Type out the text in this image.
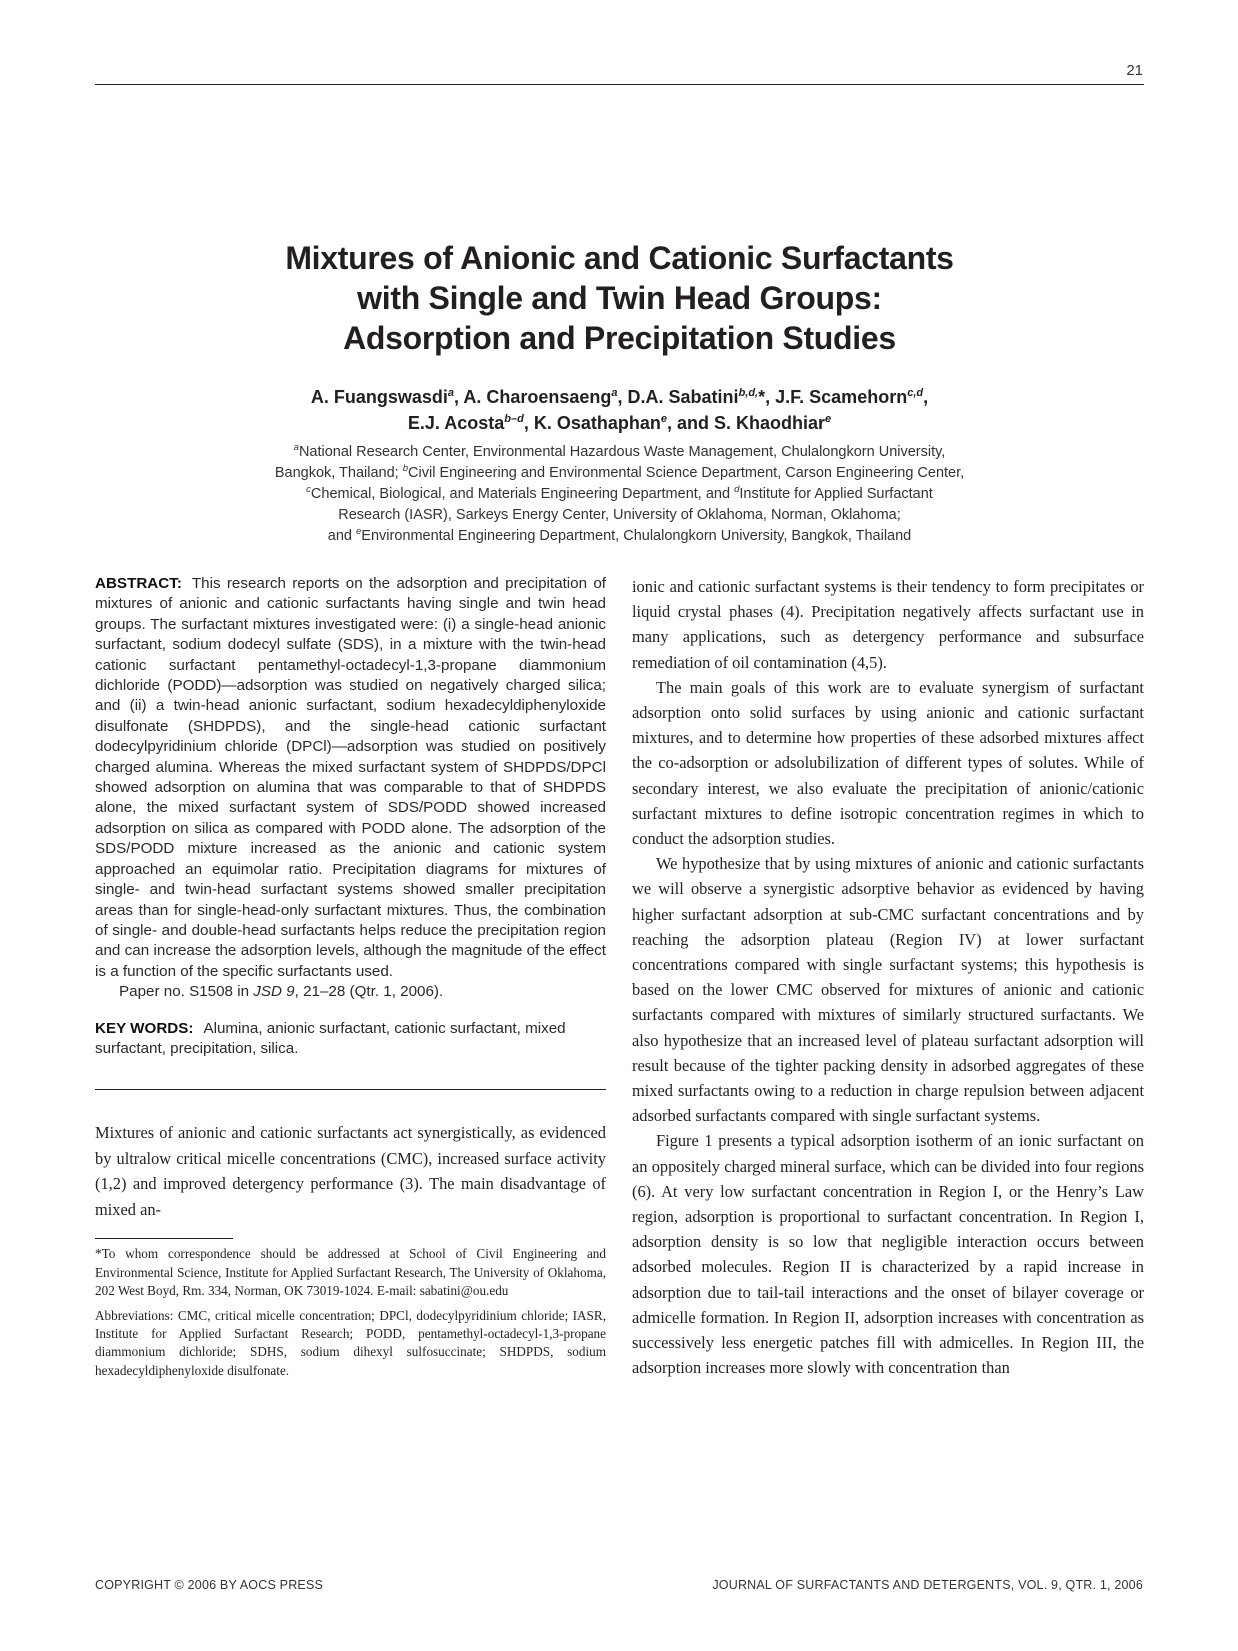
21
Mixtures of Anionic and Cationic Surfactants
with Single and Twin Head Groups:
Adsorption and Precipitation Studies
A. Fuangswasdi$^a$, A. Charoensaeng$^a$, D.A. Sabatini$^{b,d,}$*, J.F. Scamehorn$^{c,d}$,
E.J. Acosta$^{b-d}$, K. Osathaphan$^e$, and S. Khaodhiar$^e$
$^a$National Research Center, Environmental Hazardous Waste Management, Chulalongkorn University,
Bangkok, Thailand; $^b$Civil Engineering and Environmental Science Department, Carson Engineering Center,
$^c$Chemical, Biological, and Materials Engineering Department, and $^d$Institute for Applied Surfactant
Research (IASR), Sarkeys Energy Center, University of Oklahoma, Norman, Oklahoma;
and $^e$Environmental Engineering Department, Chulalongkorn University, Bangkok, Thailand

ABSTRACT: This research reports on the adsorption and precipitation of mixtures of anionic and cationic surfactants having single and twin head groups. The surfactant mixtures investigated were: (i) a single-head anionic surfactant, sodium dodecyl sulfate (SDS), in a mixture with the twin-head cationic surfactant pentamethyl-octadecyl-1,3-propane diammonium dichloride (PODD)—adsorption was studied on negatively charged silica; and (ii) a twin-head anionic surfactant, sodium hexadecyldiphenyloxide disulfonate (SHDPDS), and the single-head cationic surfactant dodecylpyridinium chloride (DPCl)—adsorption was studied on positively charged alumina. Whereas the mixed surfactant system of SHDPDS/DPCl showed adsorption on alumina that was comparable to that of SHDPDS alone, the mixed surfactant system of SDS/PODD showed increased adsorption on silica as compared with PODD alone. The adsorption of the SDS/PODD mixture increased as the anionic and cationic system approached an equimolar ratio. Precipitation diagrams for mixtures of single- and twin-head surfactant systems showed smaller precipitation areas than for single-head-only surfactant mixtures. Thus, the combination of single- and double-head surfactants helps reduce the precipitation region and can increase the adsorption levels, although the magnitude of the effect is a function of the specific surfactants used.

Paper no. S1508 in JSD 9, 21–28 (Qtr. 1, 2006).

KEY WORDS: Alumina, anionic surfactant, cationic surfactant, mixed surfactant, precipitation, silica.

Mixtures of anionic and cationic surfactants act synergistically, as evidenced by ultralow critical micelle concentrations (CMC), increased surface activity (1,2) and improved detergency performance (3). The main disadvantage of mixed an-

*To whom correspondence should be addressed at School of Civil Engineering and Environmental Science, Institute for Applied Surfactant Research, The University of Oklahoma, 202 West Boyd, Rm. 334, Norman, OK 73019-1024. E-mail: sabatini@ou.edu

Abbreviations: CMC, critical micelle concentration; DPCl, dodecylpyridinium chloride; IASR, Institute for Applied Surfactant Research; PODD, pentamethyl-octadecyl-1,3-propane diammonium dichloride; SDHS, sodium dihexyl sulfosuccinate; SHDPDS, sodium hexadecyldiphenyloxide disulfonate.

ionic and cationic surfactant systems is their tendency to form precipitates or liquid crystal phases (4). Precipitation negatively affects surfactant use in many applications, such as detergency performance and subsurface remediation of oil contamination (4,5).

The main goals of this work are to evaluate synergism of surfactant adsorption onto solid surfaces by using anionic and cationic surfactant mixtures, and to determine how properties of these adsorbed mixtures affect the co-adsorption or adsolubilization of different types of solutes. While of secondary interest, we also evaluate the precipitation of anionic/cationic surfactant mixtures to define isotropic concentration regimes in which to conduct the adsorption studies.

We hypothesize that by using mixtures of anionic and cationic surfactants we will observe a synergistic adsorptive behavior as evidenced by having higher surfactant adsorption at sub-CMC surfactant concentrations and by reaching the adsorption plateau (Region IV) at lower surfactant concentrations compared with single surfactant systems; this hypothesis is based on the lower CMC observed for mixtures of anionic and cationic surfactants compared with mixtures of similarly structured surfactants. We also hypothesize that an increased level of plateau surfactant adsorption will result because of the tighter packing density in adsorbed aggregates of these mixed surfactants owing to a reduction in charge repulsion between adjacent adsorbed surfactants compared with single surfactant systems.

Figure 1 presents a typical adsorption isotherm of an ionic surfactant on an oppositely charged mineral surface, which can be divided into four regions (6). At very low surfactant concentration in Region I, or the Henry’s Law region, adsorption is proportional to surfactant concentration. In Region I, adsorption density is so low that negligible interaction occurs between adsorbed molecules. Region II is characterized by a rapid increase in adsorption due to tail-tail interactions and the onset of bilayer coverage or admicelle formation. In Region II, adsorption increases with concentration as successively less energetic patches fill with admicelles. In Region III, the adsorption increases more slowly with concentration than

COPYRIGHT © 2006 BY AOCS PRESS	JOURNAL OF SURFACTANTS AND DETERGENTS, VOL. 9, QTR. 1, 2006
